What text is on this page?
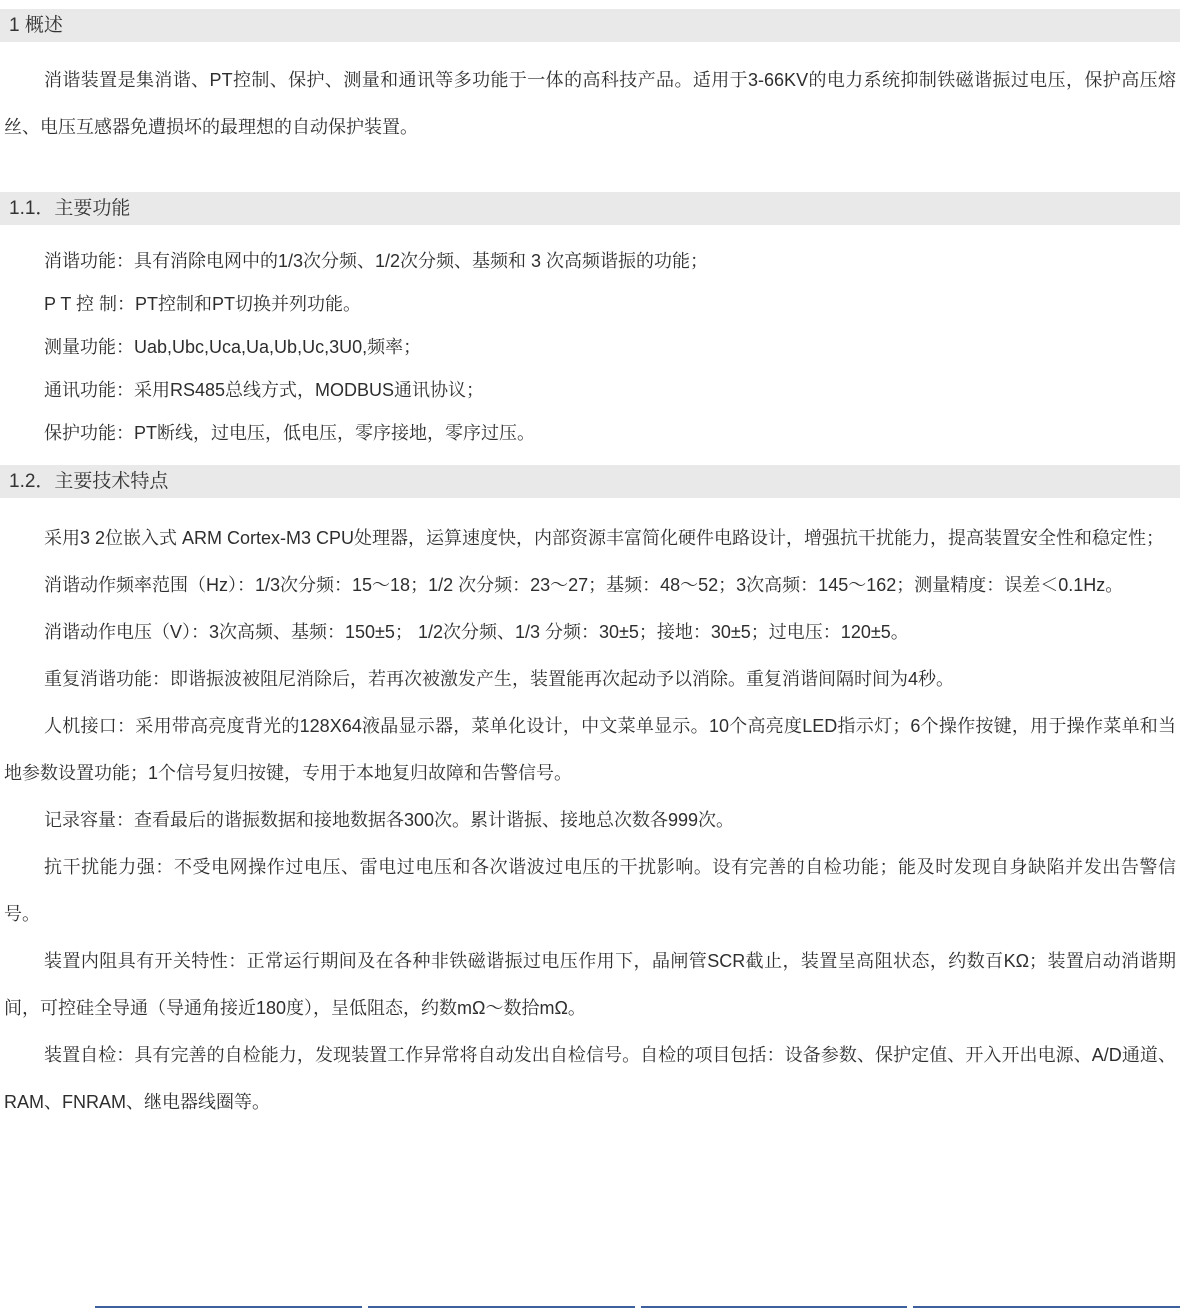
1 概述
消谐装置是集消谐、PT控制、保护、测量和通讯等多功能于一体的高科技产品。适用于3-66KV的电力系统抑制铁磁谐振过电压，保护高压熔丝、电压互感器免遭损坏的最理想的自动保护装置。
1.1．主要功能
消谐功能：具有消除电网中的1/3次分频、1/2次分频、基频和 3 次高频谐振的功能；
P T 控 制：PT控制和PT切换并列功能。
测量功能：Uab,Ubc,Uca,Ua,Ub,Uc,3U0,频率；
通讯功能：采用RS485总线方式，MODBUS通讯协议；
保护功能：PT断线，过电压，低电压，零序接地，零序过压。
1.2．主要技术特点

采用3 2位嵌入式 ARM Cortex-M3 CPU处理器，运算速度快，内部资源丰富简化硬件电路设计，增强抗干扰能力，提高装置安全性和稳定性；

消谐动作频率范围（Hz）：1/3次分频：15～18；1/2 次分频：23～27；基频：48～52；3次高频：145～162；测量精度：误差＜0.1Hz。

消谐动作电压（V）：3次高频、基频：150±5； 1/2次分频、1/3 分频：30±5；接地：30±5；过电压：120±5。

重复消谐功能：即谐振波被阻尼消除后，若再次被激发产生，装置能再次起动予以消除。重复消谐间隔时间为4秒。

人机接口：采用带高亮度背光的128X64液晶显示器，菜单化设计，中文菜单显示。10个高亮度LED指示灯；6个操作按键，用于操作菜单和当地参数设置功能；1个信号复归按键，专用于本地复归故障和告警信号。

记录容量：查看最后的谐振数据和接地数据各300次。累计谐振、接地总次数各999次。

抗干扰能力强：不受电网操作过电压、雷电过电压和各次谐波过电压的干扰影响。设有完善的自检功能；能及时发现自身缺陷并发出告警信号。

装置内阻具有开关特性：正常运行期间及在各种非铁磁谐振过电压作用下，晶闸管SCR截止，装置呈高阻状态，约数百KΩ；装置启动消谐期间，可控硅全导通（导通角接近180度），呈低阻态，约数mΩ～数拾mΩ。

装置自检：具有完善的自检能力，发现装置工作异常将自动发出自检信号。自检的项目包括：设备参数、保护定值、开入开出电源、A/D通道、RAM、FNRAM、继电器线圈等。
